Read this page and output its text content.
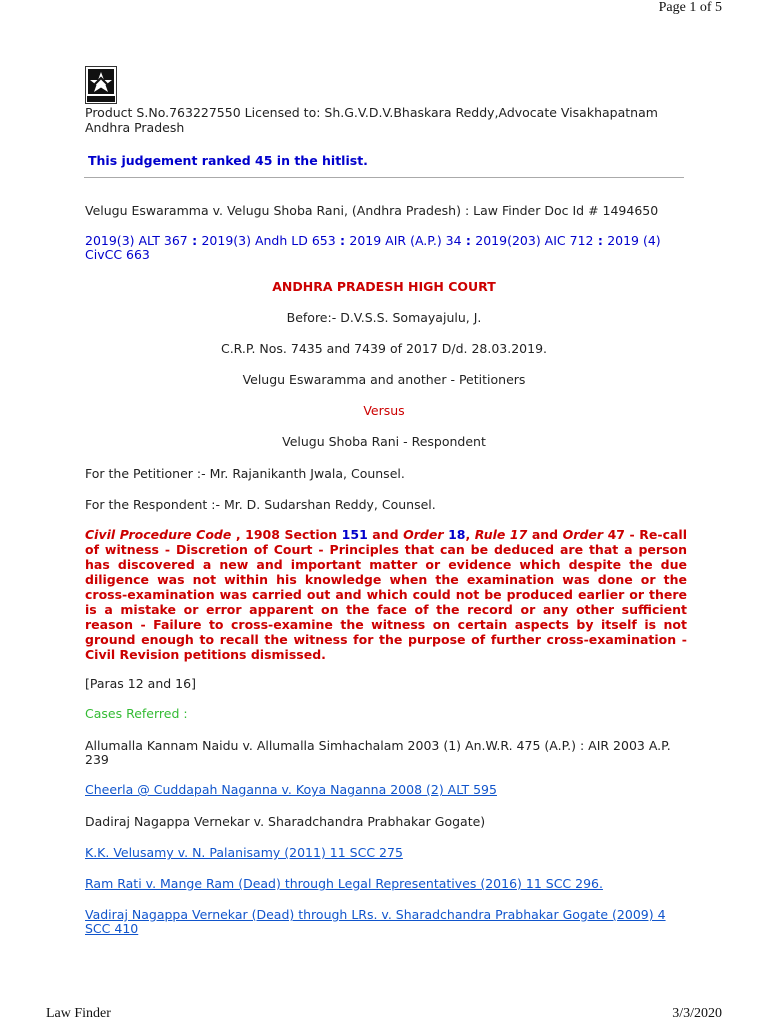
Page 1 of 5
Product S.No.763227550 Licensed to: Sh.G.V.D.V.Bhaskara Reddy,Advocate Visakhapatnam Andhra Pradesh
This judgement ranked 45 in the hitlist.
Velugu Eswaramma v. Velugu Shoba Rani, (Andhra Pradesh) : Law Finder Doc Id # 1494650
2019(3) ALT 367 : 2019(3) Andh LD 653 : 2019 AIR (A.P.) 34 : 2019(203) AIC 712 : 2019 (4) CivCC 663
ANDHRA PRADESH HIGH COURT
Before:- D.V.S.S. Somayajulu, J.
C.R.P. Nos. 7435 and 7439 of 2017 D/d. 28.03.2019.
Velugu Eswaramma and another - Petitioners
Versus
Velugu Shoba Rani - Respondent
For the Petitioner :- Mr. Rajanikanth Jwala, Counsel.
For the Respondent :- Mr. D. Sudarshan Reddy, Counsel.
Civil Procedure Code , 1908 Section 151 and Order 18, Rule 17 and Order 47 - Re-call of witness - Discretion of Court - Principles that can be deduced are that a person has discovered a new and important matter or evidence which despite the due diligence was not within his knowledge when the examination was done or the cross-examination was carried out and which could not be produced earlier or there is a mistake or error apparent on the face of the record or any other sufficient reason - Failure to cross-examine the witness on certain aspects by itself is not ground enough to recall the witness for the purpose of further cross-examination - Civil Revision petitions dismissed.
[Paras 12 and 16]
Cases Referred :
Allumalla Kannam Naidu v. Allumalla Simhachalam 2003 (1) An.W.R. 475 (A.P.) : AIR 2003 A.P. 239
Cheerla @ Cuddapah Naganna v. Koya Naganna 2008 (2) ALT 595
Dadiraj Nagappa Vernekar v. Sharadchandra Prabhakar Gogate)
K.K. Velusamy v. N. Palanisamy (2011) 11 SCC 275
Ram Rati v. Mange Ram (Dead) through Legal Representatives (2016) 11 SCC 296.
Vadiraj Nagappa Vernekar (Dead) through LRs. v. Sharadchandra Prabhakar Gogate (2009) 4 SCC 410
Law Finder	3/3/2020
